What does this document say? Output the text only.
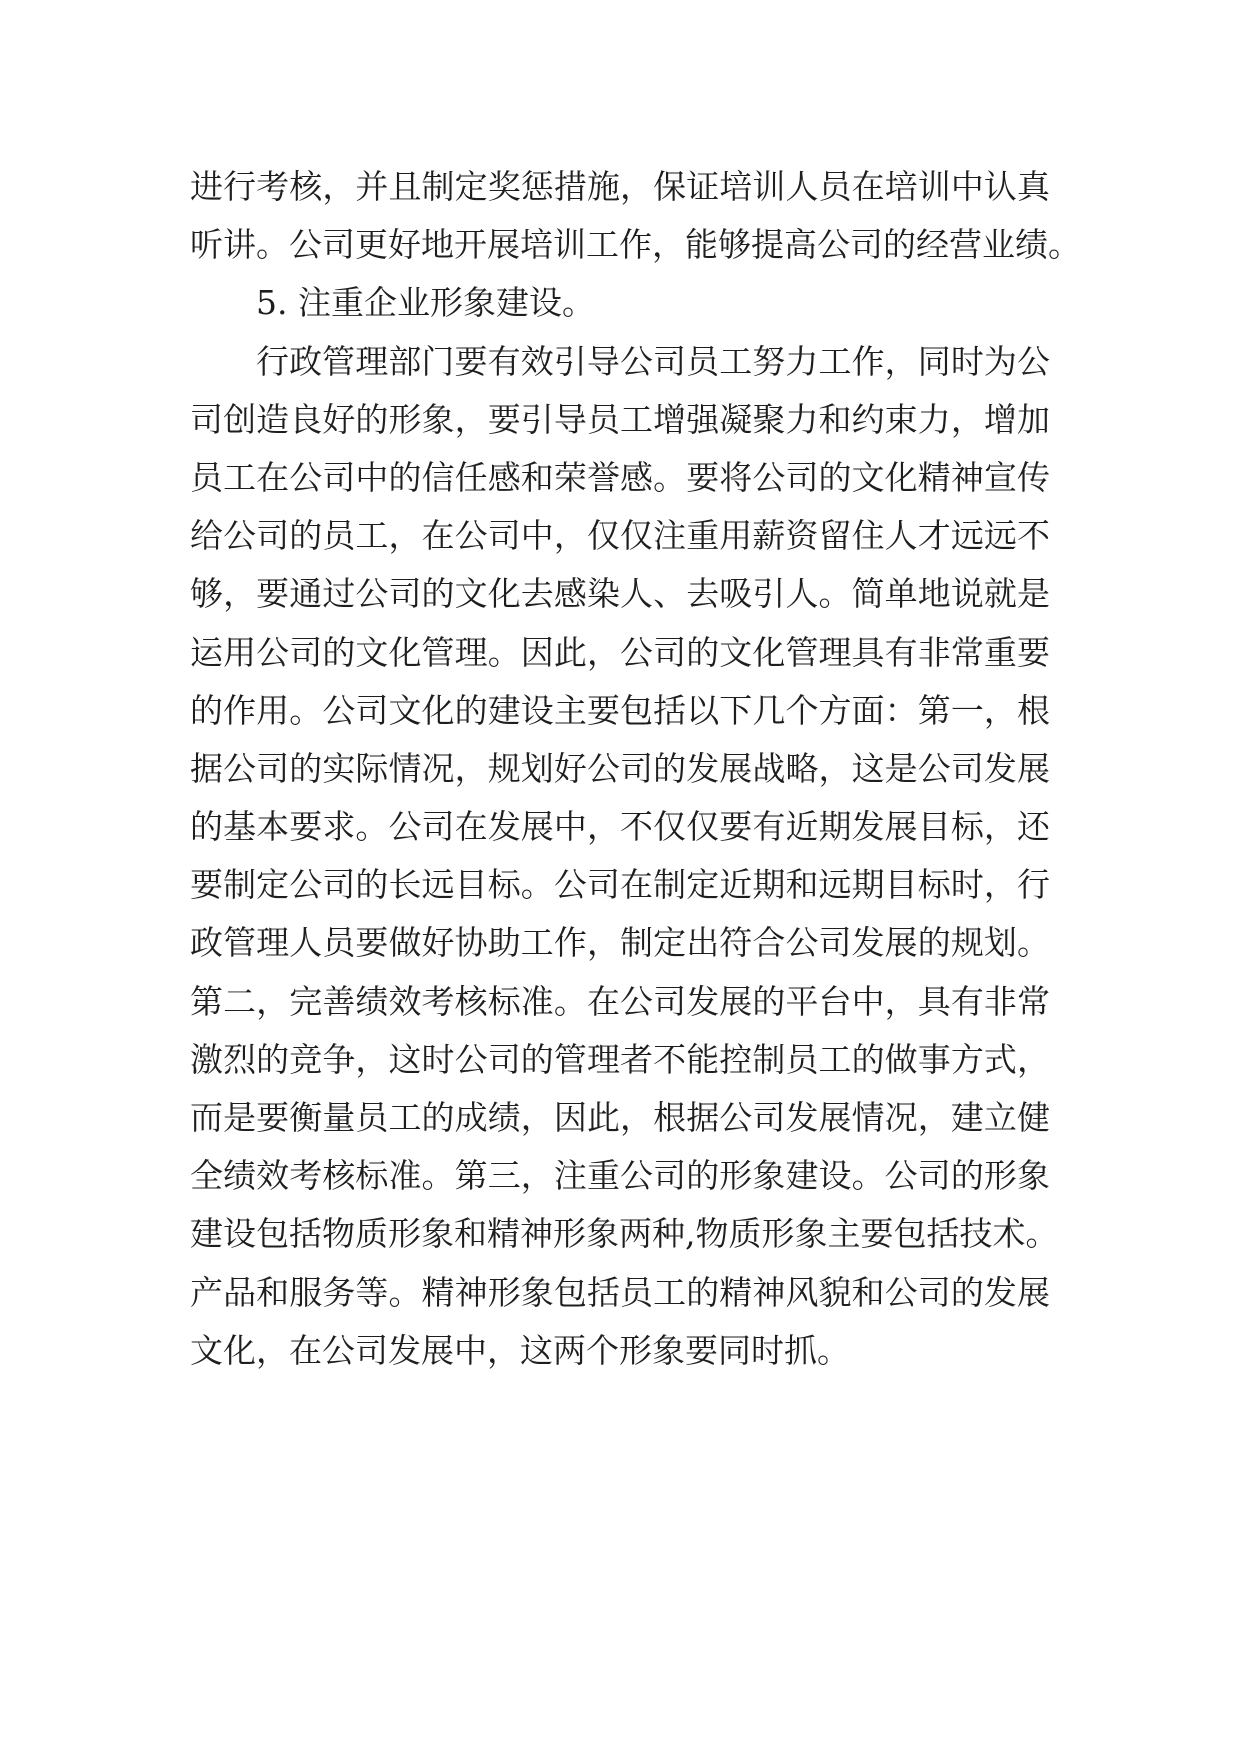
进行考核，并且制定奖惩措施，保证培训人员在培训中认真
听讲。公司更好地开展培训工作，能够提高公司的经营业绩。
5. 注重企业形象建设。
行政管理部门要有效引导公司员工努力工作，同时为公
司创造良好的形象，要引导员工增强凝聚力和约束力，增加
员工在公司中的信任感和荣誉感。要将公司的文化精神宣传
给公司的员工，在公司中，仅仅注重用薪资留住人才远远不
够，要通过公司的文化去感染人、去吸引人。简单地说就是
运用公司的文化管理。因此，公司的文化管理具有非常重要
的作用。公司文化的建设主要包括以下几个方面：第一，根
据公司的实际情况，规划好公司的发展战略，这是公司发展
的基本要求。公司在发展中，不仅仅要有近期发展目标，还
要制定公司的长远目标。公司在制定近期和远期目标时，行
政管理人员要做好协助工作，制定出符合公司发展的规划。
第二，完善绩效考核标准。在公司发展的平台中，具有非常
激烈的竞争，这时公司的管理者不能控制员工的做事方式，
而是要衡量员工的成绩，因此，根据公司发展情况，建立健
全绩效考核标准。第三，注重公司的形象建设。公司的形象
建设包括物质形象和精神形象两种,物质形象主要包括技术。
产品和服务等。精神形象包括员工的精神风貌和公司的发展
文化，在公司发展中，这两个形象要同时抓。
